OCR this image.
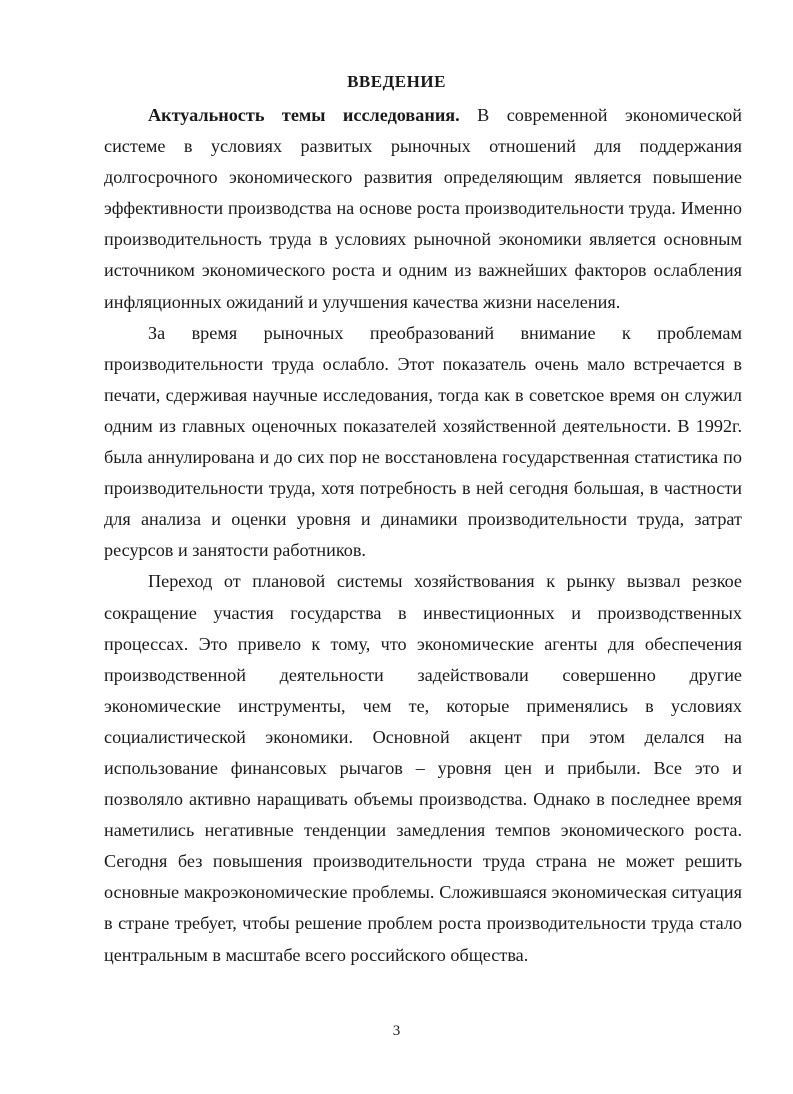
ВВЕДЕНИЕ

Актуальность темы исследования. В современной экономической системе в условиях развитых рыночных отношений для поддержания долгосрочного экономического развития определяющим является повышение эффективности производства на основе роста производительности труда. Именно производительность труда в условиях рыночной экономики является основным источником экономического роста и одним из важнейших факторов ослабления инфляционных ожиданий и улучшения качества жизни населения.

За время рыночных преобразований внимание к проблемам производительности труда ослабло. Этот показатель очень мало встречается в печати, сдерживая научные исследования, тогда как в советское время он служил одним из главных оценочных показателей хозяйственной деятельности. В 1992г. была аннулирована и до сих пор не восстановлена государственная статистика по производительности труда, хотя потребность в ней сегодня большая, в частности для анализа и оценки уровня и динамики производительности труда, затрат ресурсов и занятости работников.

Переход от плановой системы хозяйствования к рынку вызвал резкое сокращение участия государства в инвестиционных и производственных процессах. Это привело к тому, что экономические агенты для обеспечения производственной деятельности задействовали совершенно другие экономические инструменты, чем те, которые применялись в условиях социалистической экономики. Основной акцент при этом делался на использование финансовых рычагов – уровня цен и прибыли. Все это и позволяло активно наращивать объемы производства. Однако в последнее время наметились негативные тенденции замедления темпов экономического роста. Сегодня без повышения производительности труда страна не может решить основные макроэкономические проблемы. Сложившаяся экономическая ситуация в стране требует, чтобы решение проблем роста производительности труда стало центральным в масштабе всего российского общества.

3
